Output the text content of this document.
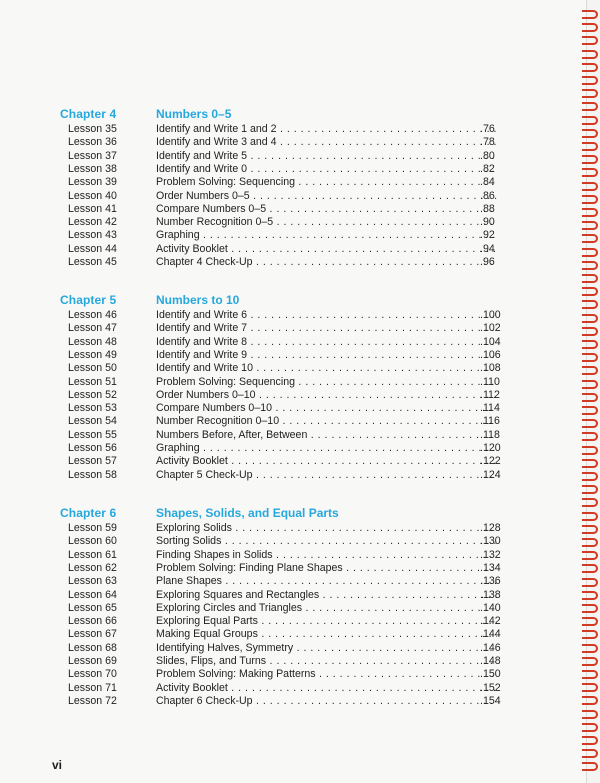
Chapter 4	Numbers 0–5
Lesson 35	Identify and Write 1 and 2 . . .	. 76
Lesson 36	Identify and Write 3 and 4 . . .	. 78
Lesson 37	Identify and Write 5 . . .	. 80
Lesson 38	Identify and Write 0 . . .	. 82
Lesson 39	Problem Solving: Sequencing . . .	. 84
Lesson 40	Order Numbers 0–5 . . .	. 86
Lesson 41	Compare Numbers 0–5 . . .	. 88
Lesson 42	Number Recognition 0–5 . . .	. 90
Lesson 43	Graphing . . .	. 92
Lesson 44	Activity Booklet . . .	. 94
Lesson 45	Chapter 4 Check-Up . . .	. 96
Chapter 5	Numbers to 10
Lesson 46	Identify and Write 6 . . .	. 100
Lesson 47	Identify and Write 7 . . .	. 102
Lesson 48	Identify and Write 8 . . .	. 104
Lesson 49	Identify and Write 9 . . .	. 106
Lesson 50	Identify and Write 10 . . .	. 108
Lesson 51	Problem Solving: Sequencing . . .	. 110
Lesson 52	Order Numbers 0–10 . . .	. 112
Lesson 53	Compare Numbers 0–10 . . .	. 114
Lesson 54	Number Recognition 0–10 . . .	. 116
Lesson 55	Numbers Before, After, Between . . .	. 118
Lesson 56	Graphing . . .	. 120
Lesson 57	Activity Booklet . . .	. 122
Lesson 58	Chapter 5 Check-Up . . .	. 124
Chapter 6	Shapes, Solids, and Equal Parts
Lesson 59	Exploring Solids . . .	. 128
Lesson 60	Sorting Solids . . .	. 130
Lesson 61	Finding Shapes in Solids . . .	. 132
Lesson 62	Problem Solving: Finding Plane Shapes . . .	. 134
Lesson 63	Plane Shapes . . .	. 136
Lesson 64	Exploring Squares and Rectangles . . .	. 138
Lesson 65	Exploring Circles and Triangles . . .	. 140
Lesson 66	Exploring Equal Parts . . .	. 142
Lesson 67	Making Equal Groups . . .	. 144
Lesson 68	Identifying Halves, Symmetry . . .	. 146
Lesson 69	Slides, Flips, and Turns . . .	. 148
Lesson 70	Problem Solving: Making Patterns . . .	. 150
Lesson 71	Activity Booklet . . .	. 152
Lesson 72	Chapter 6 Check-Up . . .	. 154
vi
